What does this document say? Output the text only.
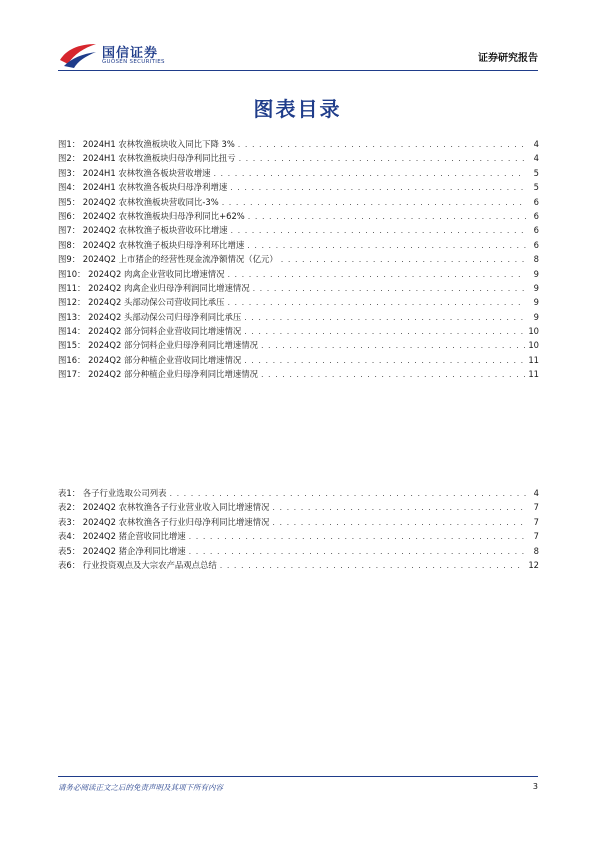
国信证券
GUOSEN SECURITIES	证券研究报告
图表目录
图1： 2024H1 农林牧渔板块收入同比下降 3% . . .	4
图2： 2024H1 农林牧渔板块归母净利同比扭亏 . . .	4
图3： 2024H1 农林牧渔各板块营收增速 . . .	5
图4： 2024H1 农林牧渔各板块归母净利增速 . . .	5
图5： 2024Q2 农林牧渔板块营收同比-3% . . .	6
图6： 2024Q2 农林牧渔板块归母净利同比+62% . . .	6
图7： 2024Q2 农林牧渔子板块营收环比增速 . . .	6
图8： 2024Q2 农林牧渔子板块归母净利环比增速 . . .	6
图9： 2024Q2 上市猪企的经营性现金流净额情况（亿元） . . .	8
图10： 2024Q2 肉禽企业营收同比增速情况 . . .	9
图11： 2024Q2 肉禽企业归母净利润同比增速情况 . . .	9
图12： 2024Q2 头部动保公司营收同比承压 . . .	9
图13： 2024Q2 头部动保公司归母净利同比承压 . . .	9
图14： 2024Q2 部分饲料企业营收同比增速情况 . . .	10
图15： 2024Q2 部分饲料企业归母净利同比增速情况 . . .	10
图16： 2024Q2 部分种植企业营收同比增速情况 . . .	11
图17： 2024Q2 部分种植企业归母净利同比增速情况 . . .	11
表1： 各子行业选取公司列表 . . .	4
表2： 2024Q2 农林牧渔各子行业营业收入同比增速情况 . . .	7
表3： 2024Q2 农林牧渔各子行业归母净利同比增速情况 . . .	7
表4： 2024Q2 猪企营收同比增速 . . .	7
表5： 2024Q2 猪企净利同比增速 . . .	8
表6： 行业投资观点及大宗农产品观点总结 . . .	12
请务必阅读正文之后的免责声明及其项下所有内容	3
